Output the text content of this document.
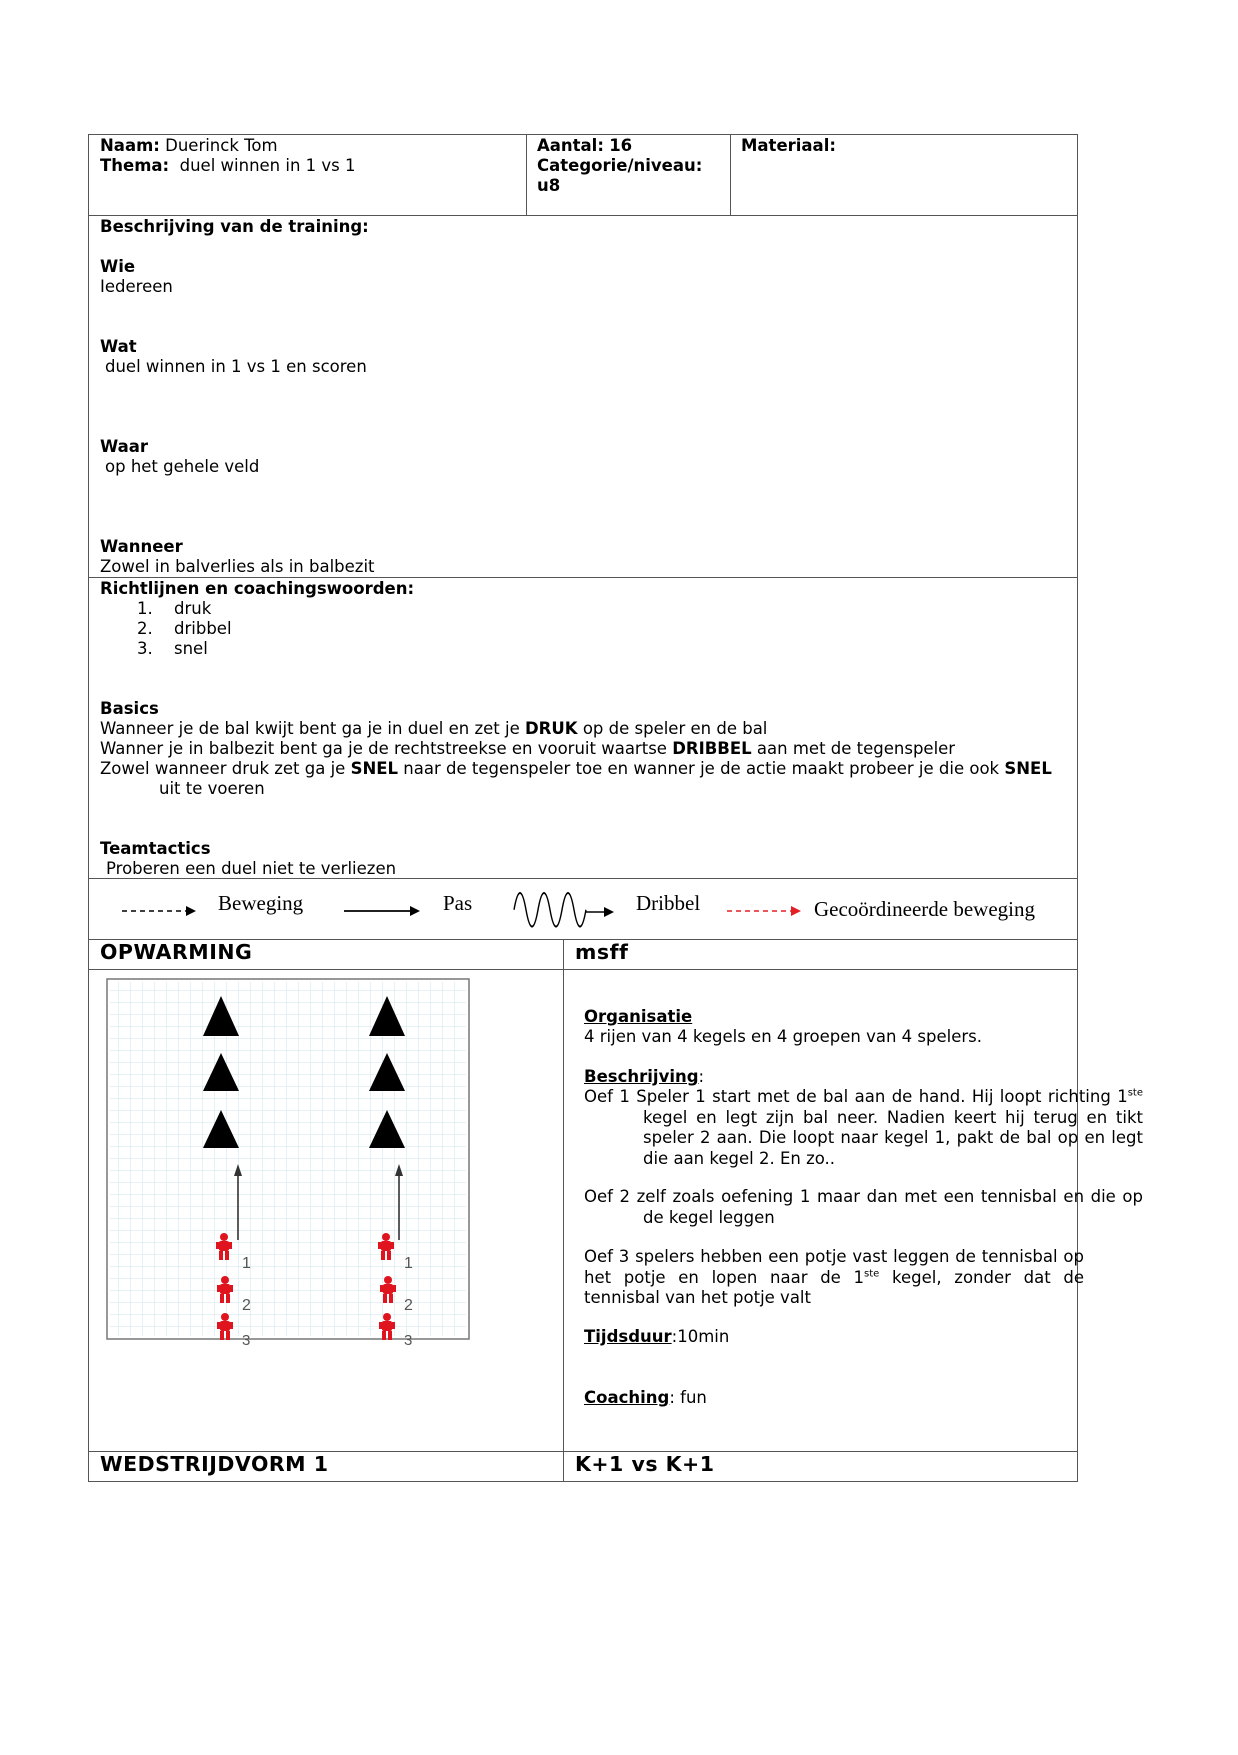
Naam: Duerinck Tom
Thema: duel winnen in 1 vs 1
Aantal: 16
Categorie/niveau:
u8
Materiaal:
Beschrijving van de training:
Wie
Iedereen
Wat
duel winnen in 1 vs 1 en scoren
Waar
op het gehele veld
Wanneer
Zowel in balverlies als in balbezit
Richtlijnen en coachingswoorden:
1. druk
2. dribbel
3. snel
Basics
Wanneer je de bal kwijt bent ga je in duel en zet je DRUK op de speler en de bal
Wanner je in balbezit bent ga je de rechtstreekse en vooruit waartse DRIBBEL aan met de tegenspeler
Zowel wanneer druk zet ga je SNEL naar de tegenspeler toe en wanner je de actie maakt probeer je die ook SNEL
uit te voeren
Teamtactics
Proberen een duel niet te verliezen
Beweging	Pas	Dribbel	Gecoördineerde beweging
OPWARMING	msff
1
2
3
1
2
3
Organisatie
4 rijen van 4 kegels en 4 groepen van 4 spelers.
Beschrijving:
Oef 1 Speler 1 start met de bal aan de hand. Hij loopt richting 1ste kegel en legt zijn bal neer. Nadien keert hij terug en tikt speler 2 aan. Die loopt naar kegel 1, pakt de bal op en legt die aan kegel 2. En zo..
Oef 2 zelf zoals oefening 1 maar dan met een tennisbal en die op de kegel leggen
Oef 3 spelers hebben een potje vast leggen de tennisbal op het potje en lopen naar de 1ste kegel, zonder dat de tennisbal van het potje valt
Tijdsduur:10min
Coaching: fun
WEDSTRIJDVORM 1	K+1 vs K+1
